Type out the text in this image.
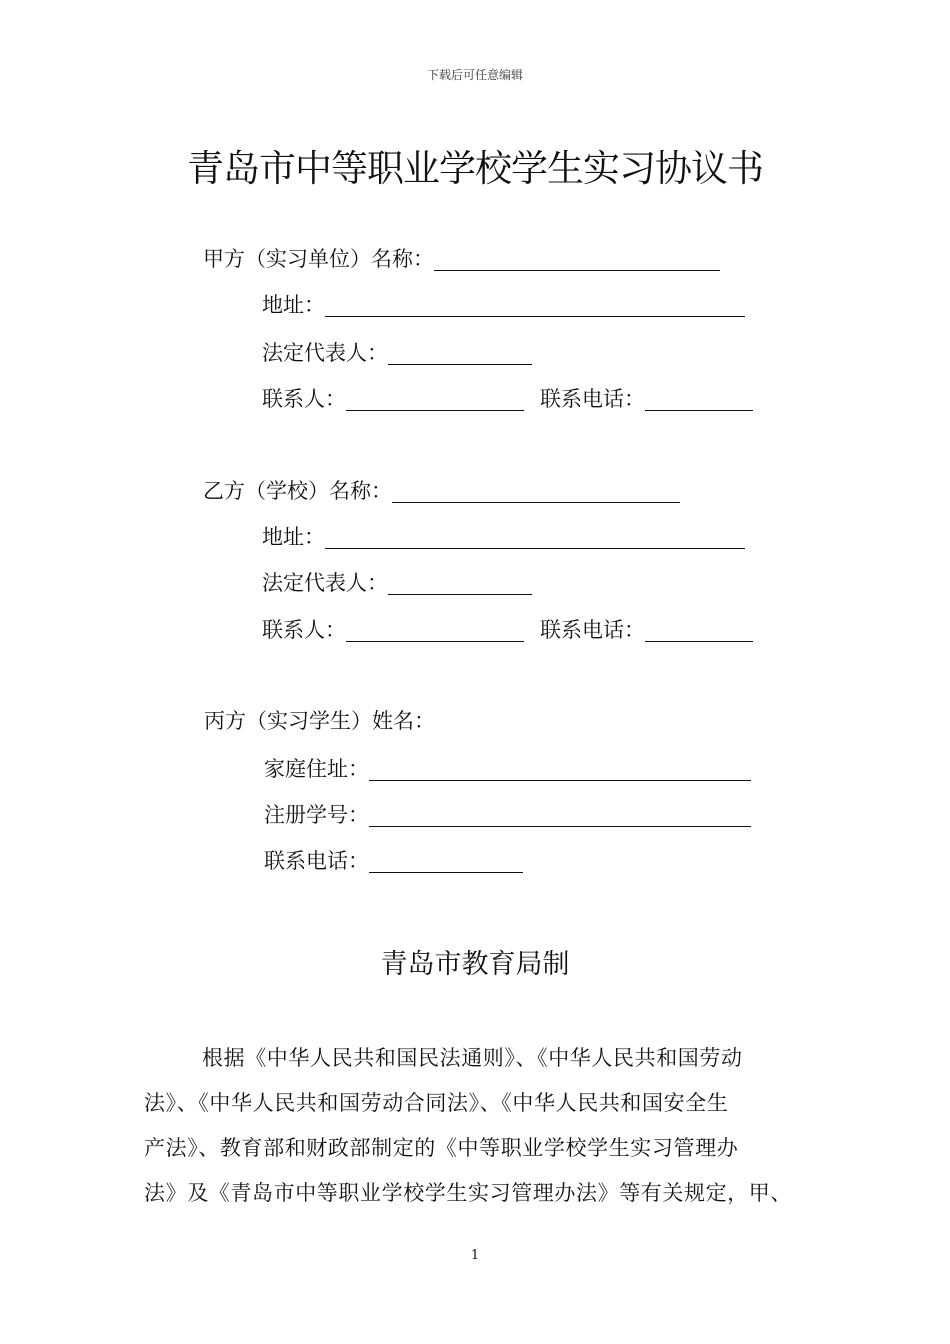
下载后可任意编辑
青岛市中等职业学校学生实习协议书
甲方（实习单位）名称：
地址：
法定代表人：
联系人：	联系电话：
乙方（学校）名称：
地址：
法定代表人：
联系人：	联系电话：
丙方（实习学生）姓名：
家庭住址：
注册学号：
联系电话：
青岛市教育局制
根据《中华人民共和国民法通则》、《中华人民共和国劳动
法》、《中华人民共和国劳动合同法》、《中华人民共和国安全生
产法》、教育部和财政部制定的《中等职业学校学生实习管理办
法》及《青岛市中等职业学校学生实习管理办法》等有关规定，甲、
1
